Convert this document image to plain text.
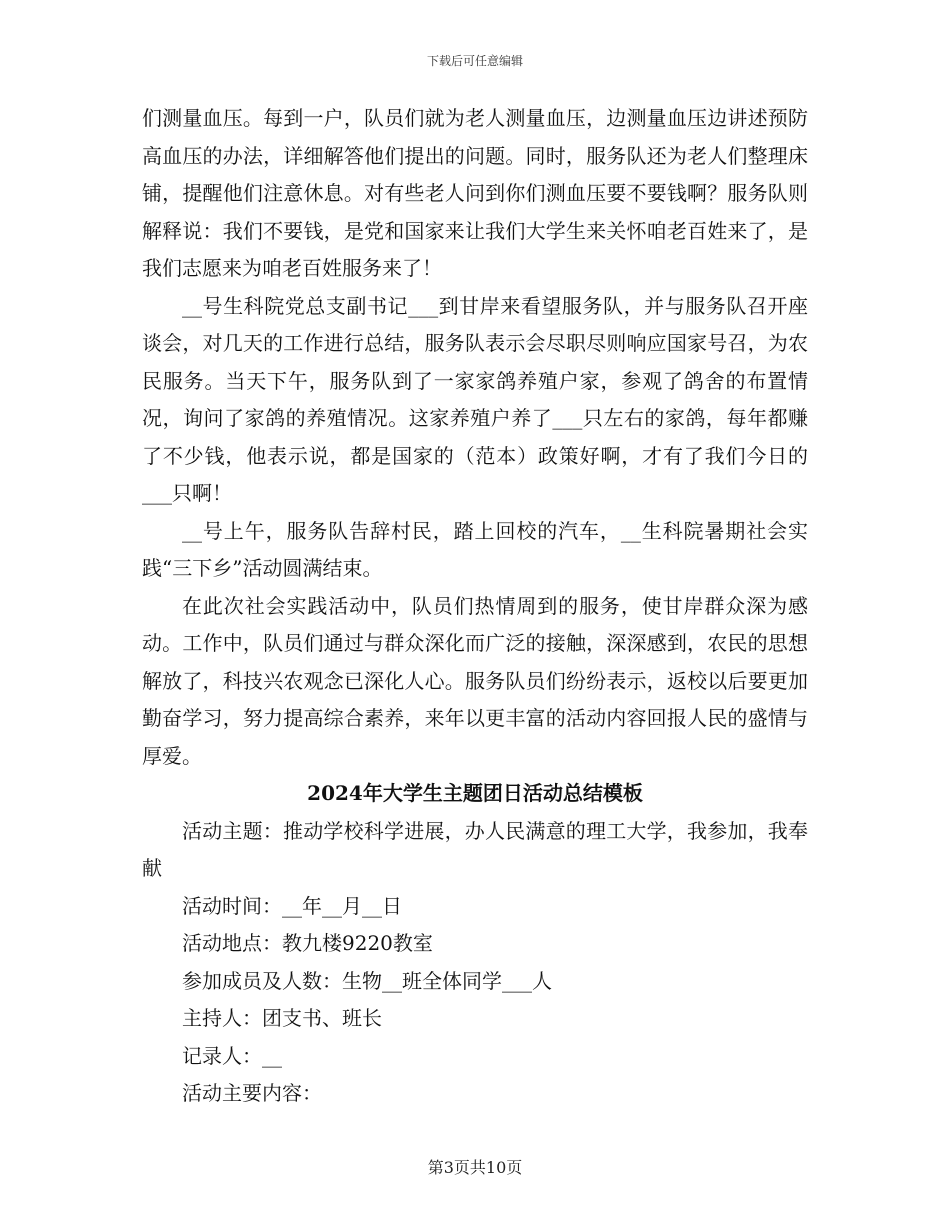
下载后可任意编辑

们测量血压。每到一户，队员们就为老人测量血压，边测量血压边讲述预防高血压的办法，详细解答他们提出的问题。同时，服务队还为老人们整理床铺，提醒他们注意休息。对有些老人问到你们测血压要不要钱啊？服务队则解释说：我们不要钱，是党和国家来让我们大学生来关怀咱老百姓来了，是我们志愿来为咱老百姓服务来了！

__号生科院党总支副书记___到甘岸来看望服务队，并与服务队召开座谈会，对几天的工作进行总结，服务队表示会尽职尽则响应国家号召，为农民服务。当天下午，服务队到了一家家鸽养殖户家，参观了鸽舍的布置情况，询问了家鸽的养殖情况。这家养殖户养了___只左右的家鸽，每年都赚了不少钱，他表示说，都是国家的（范本）政策好啊，才有了我们今日的___只啊！

__号上午，服务队告辞村民，踏上回校的汽车，__生科院暑期社会实践“三下乡”活动圆满结束。

在此次社会实践活动中，队员们热情周到的服务，使甘岸群众深为感动。工作中，队员们通过与群众深化而广泛的接触，深深感到，农民的思想解放了，科技兴农观念已深化人心。服务队员们纷纷表示，返校以后要更加勤奋学习，努力提高综合素养，来年以更丰富的活动内容回报人民的盛情与厚爱。

2024年大学生主题团日活动总结模板

活动主题：推动学校科学进展，办人民满意的理工大学，我参加，我奉献

活动时间：__年__月__日

活动地点：教九楼9220教室

参加成员及人数：生物__班全体同学___人

主持人：团支书、班长

记录人：__

活动主要内容：

第3页共10页
